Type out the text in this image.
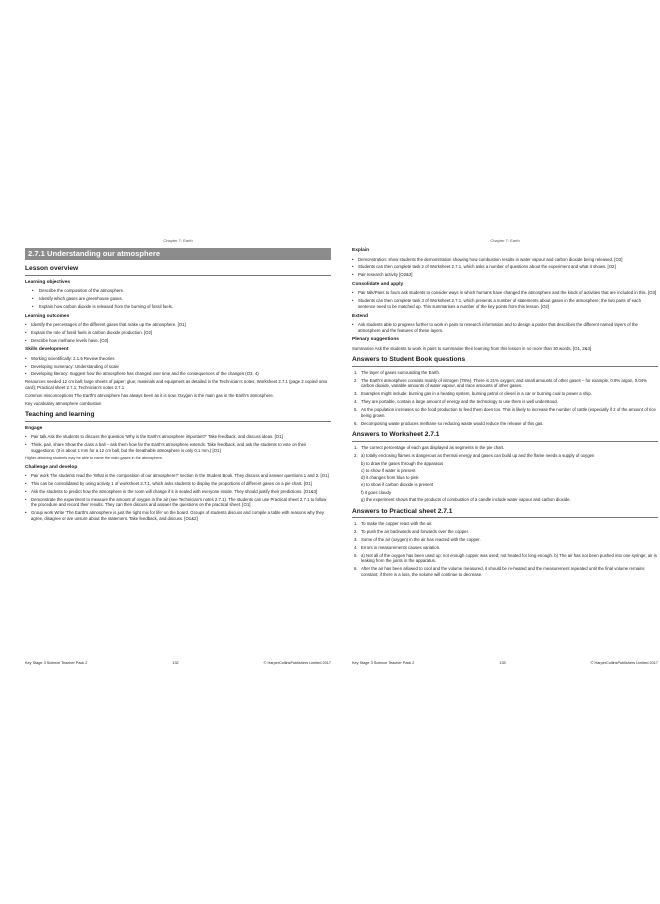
Chapter 7: Earth
2.7.1 Understanding our atmosphere
Lesson overview
Learning objectives
• Describe the composition of the atmosphere.
• Identify which gases are greenhouse gases.
• Explain how carbon dioxide is released from the burning of fossil fuels.
Learning outcomes
• Identify the percentages of the different gases that make up the atmosphere. [O1]
• Explain the role of fossil fuels in carbon dioxide production. [O2]
• Describe how methane levels have. [O3]
Skills development
• Working scientifically: 2.1.5 Review theories
• Developing numeracy: Understanding of scale
• Developing literacy: Suggest how the atmosphere has changed over time and the consequences of the changes (O3, 4)

Resources needed 12 cm ball; large sheets of paper; glue; materials and equipment as detailed in the Technician's notes; Worksheet 2.7.1 (page 2 copied onto card); Practical sheet 2.7.1; Technician's notes 2.7.1

Common misconceptions The Earth's atmosphere has always been as it is now. Oxygen is the main gas in the Earth's atmosphere.

Key vocabulary atmosphere combustion

Teaching and learning
Engage
• Pair talk Ask the students to discuss the question 'Why is the Earth's atmosphere important?' Take feedback, and discuss ideas. [O1]
• Think, pair, share Show the class a ball – ask them how far the Earth's atmosphere extends. Take feedback, and ask the students to vote on their suggestions. (It is about 1 mm for a 12 cm ball, but the breathable atmosphere is only 0.1 mm.) [O1]

Higher-attaining students may be able to name the main gases in the atmosphere.

Challenge and develop
• Pair work The students read the 'What is the composition of our atmosphere?' section in the Student Book. They discuss and answer questions 1 and 2. [O1]
• This can be consolidated by using activity 1 of worksheet 2.7.1, which asks students to display the proportions of different gases on a pie chart. [O1]
• Ask the students to predict how the atmosphere in the room will change if it is sealed with everyone inside. They should justify their predictions. [O1&3]
• Demonstrate the experiment to measure the amount of oxygen in the air (see Technician's notes 2.7.1). The students can use Practical sheet 2.7.1 to follow the procedure and record their results. They can then discuss and answer the questions on the practical sheet. [O1]
• Group work Write 'The Earth's atmosphere is just the right mix for life' on the board. Groups of students discuss and compile a table with reasons why they agree, disagree or are unsure about the statement. Take feedback, and discuss. [O1&2]
Key Stage 3 Science Teacher Pack 2	132	© HarperCollinsPublishers Limited 2017
Chapter 7: Earth
Explain
• Demonstration: show students the demonstration showing how combustion results in water vapour and carbon dioxide being released. [O2]
• Students can then complete task 2 of Worksheet 2.7.1, which asks a number of questions about the experiment and what it shows. [O2]
• Pair research activity [O2&3]
Consolidate and apply
• Pair talk/Pairs to fours ask students to consider ways in which humans have changed the atmosphere and the kinds of activities that are included in this. [O3]
• Students can then complete task 3 of Worksheet 2.7.1, which presents a number of statements about gases in the atmosphere; the two parts of each sentence need to be matched up. This summarises a number of the key points from this lesson. [O2]
Extend
• Ask students able to progress further to work in pairs to research information and to design a poster that describes the different named layers of the atmosphere and the features of these layers.
Plenary suggestions

Summarise Ask the students to work in pairs to summarise their learning from this lesson in no more than 30 words. [O1, 2&3]

Answers to Student Book questions
1. The layer of gases surrounding the Earth.
2. The Earth's atmosphere consists mainly of nitrogen (78%). There is 21% oxygen; and small amounts of other gases – for example, 0.9% argon, 0.04% carbon dioxide, variable amounts of water vapour, and trace amounts of other gases.
3. Examples might include: burning gas in a heating system, burning petrol or diesel in a car or burning coal to power a ship.
4. They are portable, contain a large amount of energy and the technology to use them is well understood.
5. As the population increases so the food production to feed them does too. This is likely to increase the number of cattle (especially if 2 of the amount of rice being grown.
6. Decomposing waste produces methane so reducing waste would reduce the release of this gas.
Answers to Worksheet 2.7.1
1. The correct percentage of each gas displayed as segments in the pie chart.
2. a) totally enclosing flames is dangerous as thermal energy and gases can build up and the flame needs a supply of oxygen

b) to draw the gases through the apparatus

c) to show if water is present

d) it changes from blue to pink

e) to show if carbon dioxide is present

f) it goes cloudy

g) the experiment shows that the products of combustion of a candle include water vapour and carbon dioxide.

Answers to Practical sheet 2.7.1
1. To make the copper react with the air.
2. To push the air backwards and forwards over the copper.
3. Some of the air (oxygen) in the air has reacted with the copper.
4. Errors in measurements causes variation.
5. a) Not all of the oxygen has been used up; not enough copper was used; not heated for long enough. b) The air has not been pushed into one syringe; air is leaking from the joints in the apparatus.
6. After the air has been allowed to cool and the volume measured, it should be re-heated and the measurement repeated until the final volume remains constant; if there is a loss, the volume will continue to decrease.
Key Stage 3 Science Teacher Pack 2	133	© HarperCollinsPublishers Limited 2017
